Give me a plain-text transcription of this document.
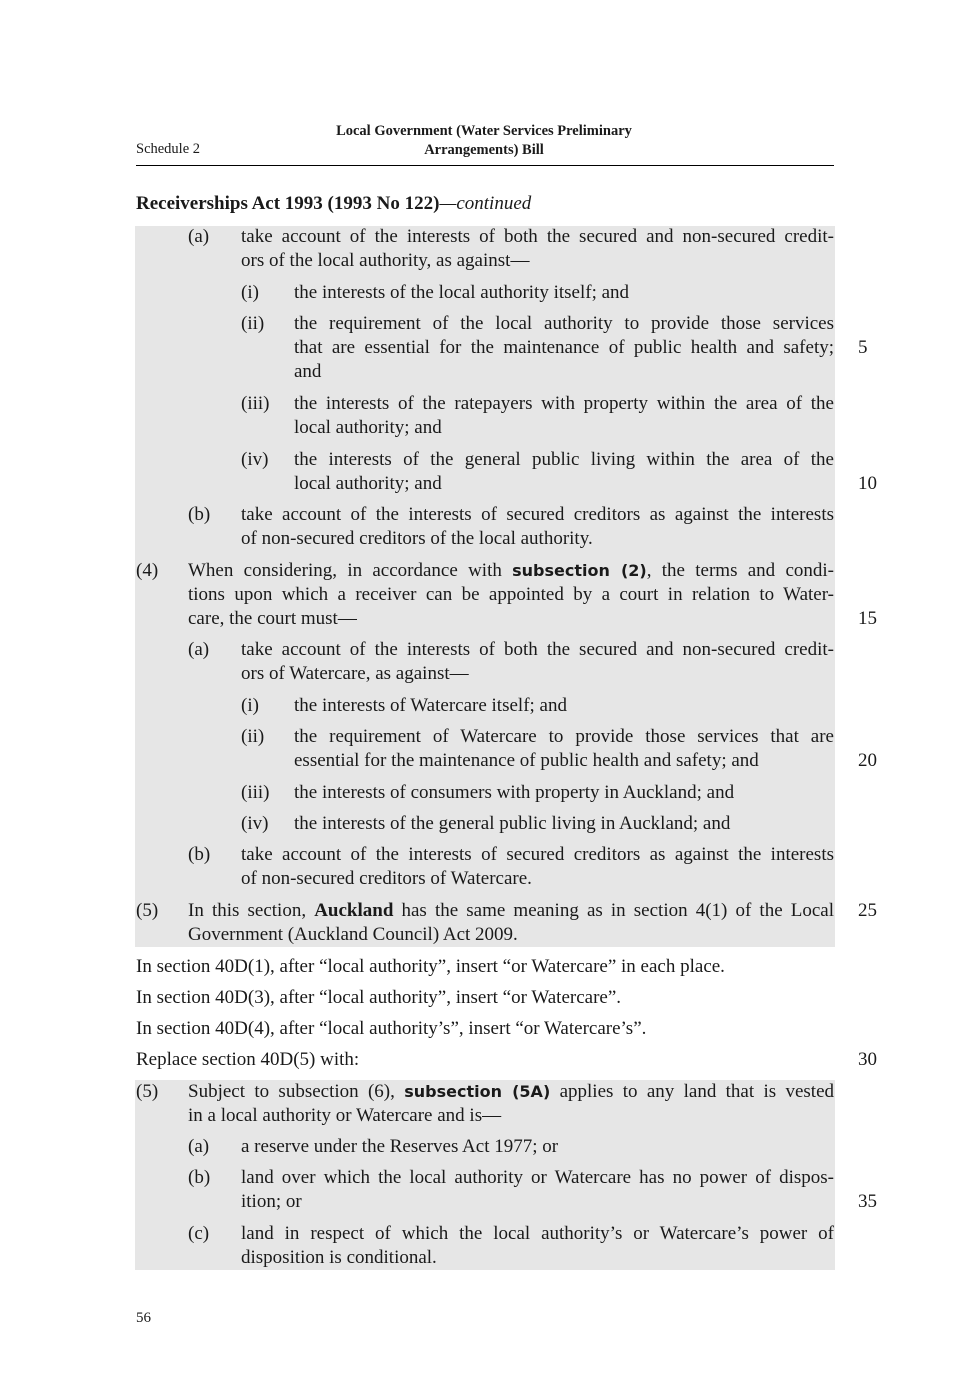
Schedule 2
Local Government (Water Services Preliminary
Arrangements) Bill
Receiverships Act 1993 (1993 No 122)—continued
(a) take account of the interests of both the secured and non-secured credit-
ors of the local authority, as against—
(i) the interests of the local authority itself; and
(ii) the requirement of the local authority to provide those services
that are essential for the maintenance of public health and safety;
and
(iii) the interests of the ratepayers with property within the area of the
local authority; and
(iv) the interests of the general public living within the area of the
local authority; and
(b) take account of the interests of secured creditors as against the interests
of non-secured creditors of the local authority.
(4) When considering, in accordance with subsection (2), the terms and condi-
tions upon which a receiver can be appointed by a court in relation to Water-
care, the court must—
(a) take account of the interests of both the secured and non-secured credit-
ors of Watercare, as against—
(i) the interests of Watercare itself; and
(ii) the requirement of Watercare to provide those services that are
essential for the maintenance of public health and safety; and
(iii) the interests of consumers with property in Auckland; and
(iv) the interests of the general public living in Auckland; and
(b) take account of the interests of secured creditors as against the interests
of non-secured creditors of Watercare.
(5) In this section, Auckland has the same meaning as in section 4(1) of the Local
Government (Auckland Council) Act 2009.
In section 40D(1), after “local authority”, insert “or Watercare” in each place.
In section 40D(3), after “local authority”, insert “or Watercare”.
In section 40D(4), after “local authority’s”, insert “or Watercare’s”.
Replace section 40D(5) with:
(5) Subject to subsection (6), subsection (5A) applies to any land that is vested
in a local authority or Watercare and is—
(a) a reserve under the Reserves Act 1977; or
(b) land over which the local authority or Watercare has no power of dispos-
ition; or
(c) land in respect of which the local authority’s or Watercare’s power of
disposition is conditional.
5
10
15
20
25
30
35
56
